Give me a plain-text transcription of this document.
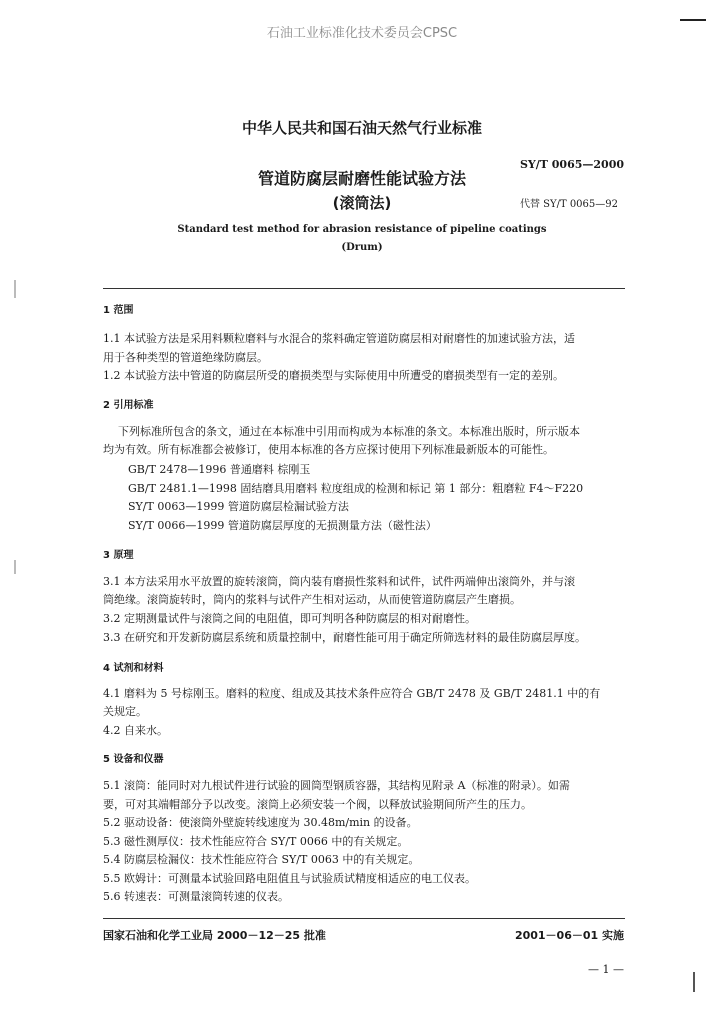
石油工业标准化技术委员会CPSC
中华人民共和国石油天然气行业标准
SY/T 0065—2000
管道防腐层耐磨性能试验方法
(滚筒法)	代替 SY/T 0065—92
Standard test method for abrasion resistance of pipeline coatings
(Drum)
1 范围
1.1 本试验方法是采用料颗粒磨料与水混合的浆料确定管道防腐层相对耐磨性的加速试验方法，适
用于各种类型的管道绝缘防腐层。
1.2 本试验方法中管道的防腐层所受的磨损类型与实际使用中所遭受的磨损类型有一定的差别。
2 引用标准
下列标准所包含的条文，通过在本标准中引用而构成为本标准的条文。本标准出版时，所示版本
均为有效。所有标准都会被修订，使用本标准的各方应探讨使用下列标准最新版本的可能性。
GB/T 2478—1996 普通磨料 棕刚玉
GB/T 2481.1—1998 固结磨具用磨料 粒度组成的检测和标记 第 1 部分：粗磨粒 F4～F220
SY/T 0063—1999 管道防腐层检漏试验方法
SY/T 0066—1999 管道防腐层厚度的无损测量方法（磁性法）
3 原理
3.1 本方法采用水平放置的旋转滚筒，筒内装有磨损性浆料和试件，试件两端伸出滚筒外，并与滚
筒绝缘。滚筒旋转时，筒内的浆料与试件产生相对运动，从而使管道防腐层产生磨损。
3.2 定期测量试件与滚筒之间的电阻值，即可判明各种防腐层的相对耐磨性。
3.3 在研究和开发新防腐层系统和质量控制中，耐磨性能可用于确定所筛选材料的最佳防腐层厚度。
4 试剂和材料
4.1 磨料为 5 号棕刚玉。磨料的粒度、组成及其技术条件应符合 GB/T 2478 及 GB/T 2481.1 中的有
关规定。
4.2 自来水。
5 设备和仪器
5.1 滚筒：能同时对九根试件进行试验的圆筒型钢质容器，其结构见附录 A（标准的附录）。如需
要，可对其端帽部分予以改变。滚筒上必须安装一个阀，以释放试验期间所产生的压力。
5.2 驱动设备：使滚筒外壁旋转线速度为 30.48m/min 的设备。
5.3 磁性测厚仪：技术性能应符合 SY/T 0066 中的有关规定。
5.4 防腐层检漏仪：技术性能应符合 SY/T 0063 中的有关规定。
5.5 欧姆计：可测量本试验回路电阻值且与试验质试精度相适应的电工仪表。
5.6 转速表：可测量滚筒转速的仪表。
国家石油和化学工业局 2000－12－25 批准	2001－06－01 实施
— 1 —
